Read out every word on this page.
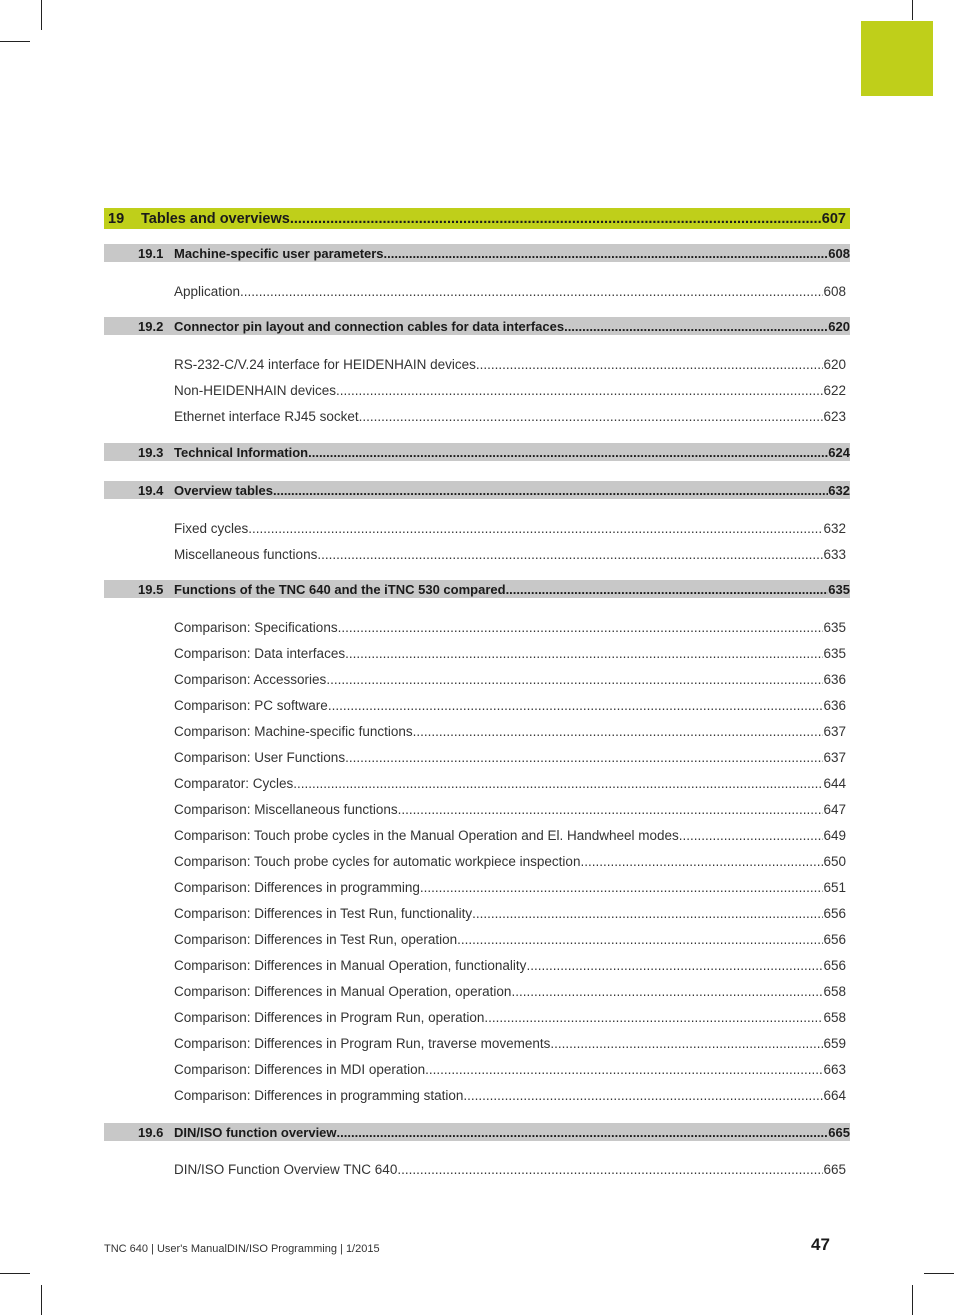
19	Tables and overviews .....	607
19.1 Machine-specific user parameters .....	608
Application .....	608
19.2 Connector pin layout and connection cables for data interfaces .....	620
RS-232-C/V.24 interface for HEIDENHAIN devices .....	620
Non-HEIDENHAIN devices .....	622
Ethernet interface RJ45 socket .....	623
19.3 Technical Information .....	624
19.4 Overview tables .....	632
Fixed cycles .....	632
Miscellaneous functions .....	633
19.5 Functions of the TNC 640 and the iTNC 530 compared .....	635
Comparison: Specifications .....	635
Comparison: Data interfaces .....	635
Comparison: Accessories .....	636
Comparison: PC software .....	636
Comparison: Machine-specific functions .....	637
Comparison: User Functions .....	637
Comparator: Cycles .....	644
Comparison: Miscellaneous functions .....	647
Comparison: Touch probe cycles in the Manual Operation and El. Handwheel modes .....	649
Comparison: Touch probe cycles for automatic workpiece inspection .....	650
Comparison: Differences in programming .....	651
Comparison: Differences in Test Run, functionality .....	656
Comparison: Differences in Test Run, operation .....	656
Comparison: Differences in Manual Operation, functionality .....	656
Comparison: Differences in Manual Operation, operation .....	658
Comparison: Differences in Program Run, operation .....	658
Comparison: Differences in Program Run, traverse movements .....	659
Comparison: Differences in MDI operation .....	663
Comparison: Differences in programming station .....	664
19.6 DIN/ISO function overview .....	665
DIN/ISO Function Overview TNC 640 .....	665
TNC 640 | User's ManualDIN/ISO Programming | 1/2015	47
